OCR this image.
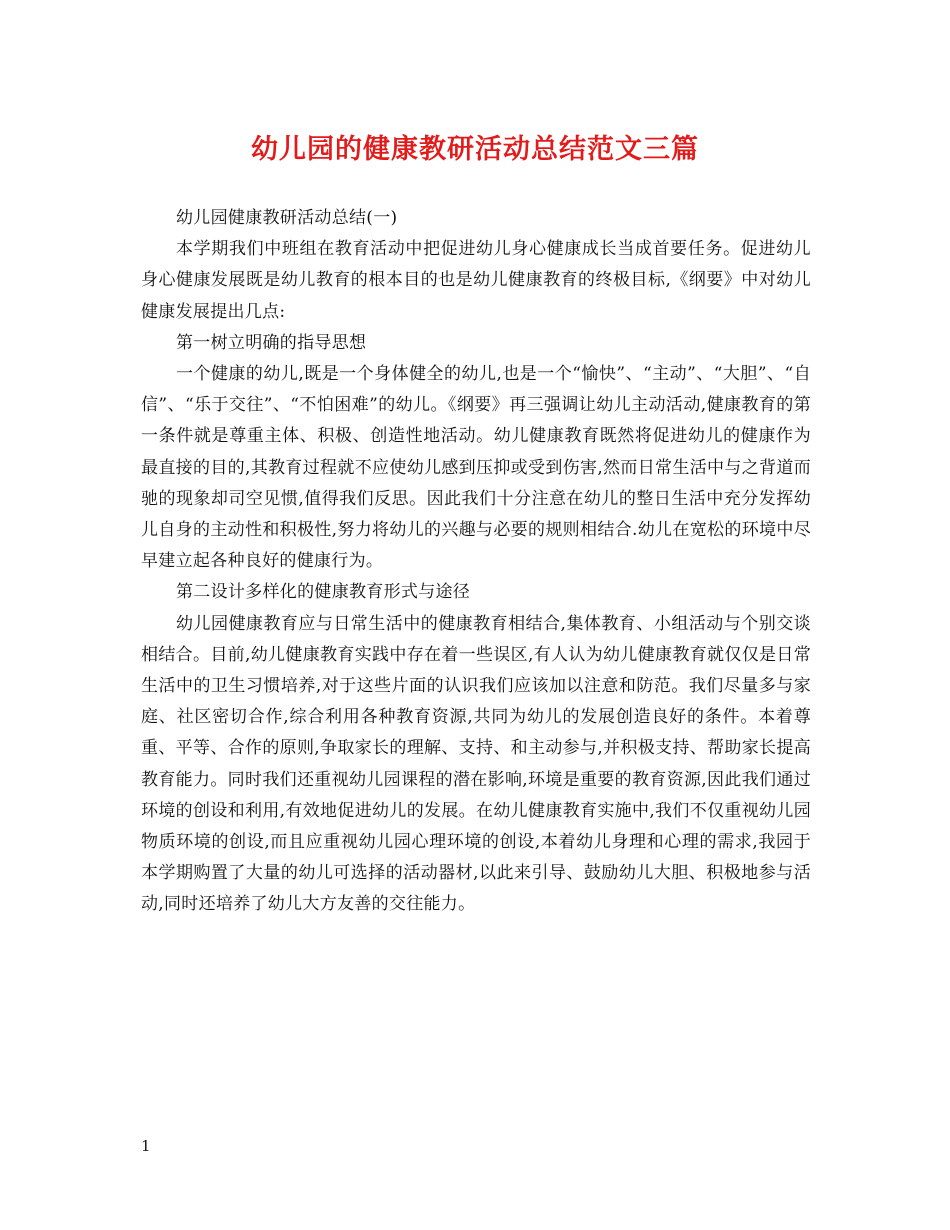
幼儿园的健康教研活动总结范文三篇

幼儿园健康教研活动总结(一)

本学期我们中班组在教育活动中把促进幼儿身心健康成长当成首要任务。促进幼儿身心健康发展既是幼儿教育的根本目的也是幼儿健康教育的终极目标,《纲要》中对幼儿健康发展提出几点:

第一树立明确的指导思想

一个健康的幼儿,既是一个身体健全的幼儿,也是一个“愉快”、“主动”、“大胆”、“自信”、“乐于交往”、“不怕困难”的幼儿。《纲要》再三强调让幼儿主动活动,健康教育的第一条件就是尊重主体、积极、创造性地活动。幼儿健康教育既然将促进幼儿的健康作为最直接的目的,其教育过程就不应使幼儿感到压抑或受到伤害,然而日常生活中与之背道而驰的现象却司空见惯,值得我们反思。因此我们十分注意在幼儿的整日生活中充分发挥幼儿自身的主动性和积极性,努力将幼儿的兴趣与必要的规则相结合.幼儿在宽松的环境中尽早建立起各种良好的健康行为。

第二设计多样化的健康教育形式与途径

幼儿园健康教育应与日常生活中的健康教育相结合,集体教育、小组活动与个别交谈相结合。目前,幼儿健康教育实践中存在着一些误区,有人认为幼儿健康教育就仅仅是日常生活中的卫生习惯培养,对于这些片面的认识我们应该加以注意和防范。我们尽量多与家庭、社区密切合作,综合利用各种教育资源,共同为幼儿的发展创造良好的条件。本着尊重、平等、合作的原则,争取家长的理解、支持、和主动参与,并积极支持、帮助家长提高教育能力。同时我们还重视幼儿园课程的潜在影响,环境是重要的教育资源,因此我们通过环境的创设和利用,有效地促进幼儿的发展。在幼儿健康教育实施中,我们不仅重视幼儿园物质环境的创设,而且应重视幼儿园心理环境的创设,本着幼儿身理和心理的需求,我园于本学期购置了大量的幼儿可选择的活动器材,以此来引导、鼓励幼儿大胆、积极地参与活动,同时还培养了幼儿大方友善的交往能力。

1
